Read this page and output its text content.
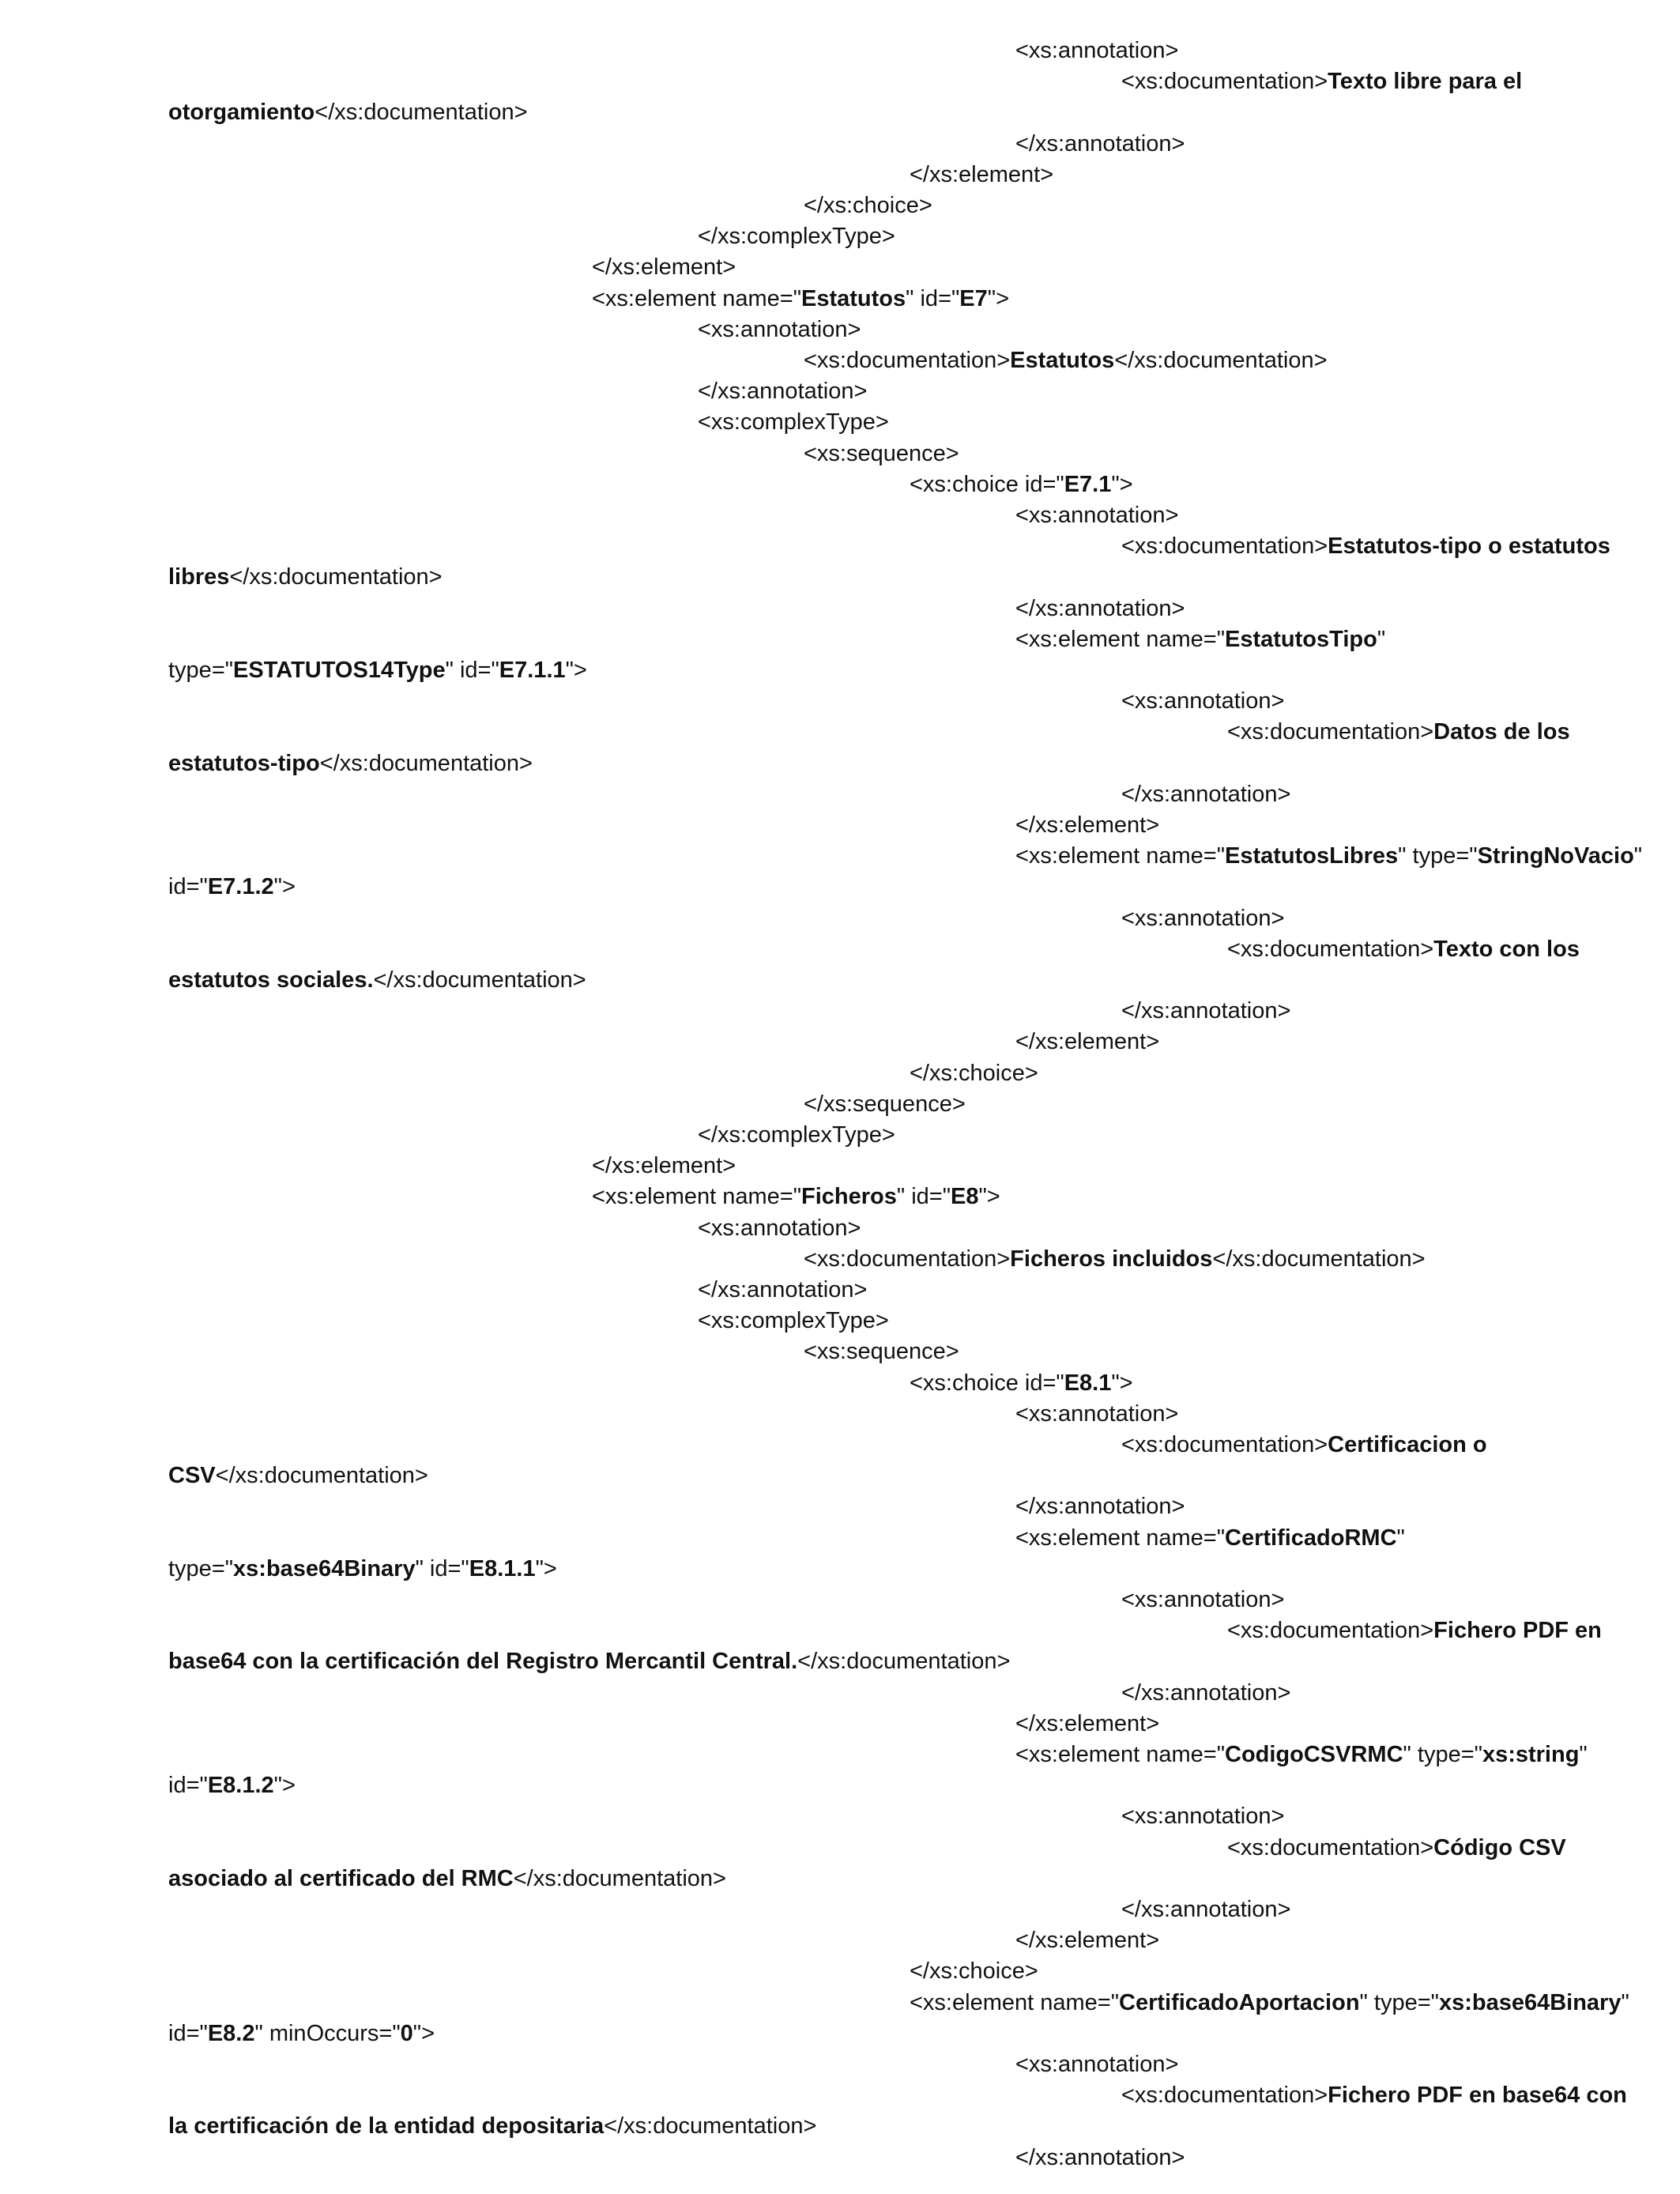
<xs:annotation>
<xs:documentation>Texto libre para el
otorgamiento</xs:documentation>
</xs:annotation>
</xs:element>
</xs:choice>
</xs:complexType>
</xs:element>
<xs:element name="Estatutos" id="E7">
<xs:annotation>
<xs:documentation>Estatutos</xs:documentation>
</xs:annotation>
<xs:complexType>
<xs:sequence>
<xs:choice id="E7.1">
<xs:annotation>
<xs:documentation>Estatutos-tipo o estatutos
libres</xs:documentation>
</xs:annotation>
<xs:element name="EstatutosTipo"
type="ESTATUTOS14Type" id="E7.1.1">
<xs:annotation>
<xs:documentation>Datos de los
estatutos-tipo</xs:documentation>
</xs:annotation>
</xs:element>
<xs:element name="EstatutosLibres" type="StringNoVacio"
id="E7.1.2">
<xs:annotation>
<xs:documentation>Texto con los
estatutos sociales.</xs:documentation>
</xs:annotation>
</xs:element>
</xs:choice>
</xs:sequence>
</xs:complexType>
</xs:element>
<xs:element name="Ficheros" id="E8">
<xs:annotation>
<xs:documentation>Ficheros incluidos</xs:documentation>
</xs:annotation>
<xs:complexType>
<xs:sequence>
<xs:choice id="E8.1">
<xs:annotation>
<xs:documentation>Certificacion o
CSV</xs:documentation>
</xs:annotation>
<xs:element name="CertificadoRMC"
type="xs:base64Binary" id="E8.1.1">
<xs:annotation>
<xs:documentation>Fichero PDF en
base64 con la certificación del Registro Mercantil Central.</xs:documentation>
</xs:annotation>
</xs:element>
<xs:element name="CodigoCSVRMC" type="xs:string"
id="E8.1.2">
<xs:annotation>
<xs:documentation>Código CSV
asociado al certificado del RMC</xs:documentation>
</xs:annotation>
</xs:element>
</xs:choice>
<xs:element name="CertificadoAportacion" type="xs:base64Binary"
id="E8.2" minOccurs="0">
<xs:annotation>
<xs:documentation>Fichero PDF en base64 con
la certificación de la entidad depositaria</xs:documentation>
</xs:annotation>
